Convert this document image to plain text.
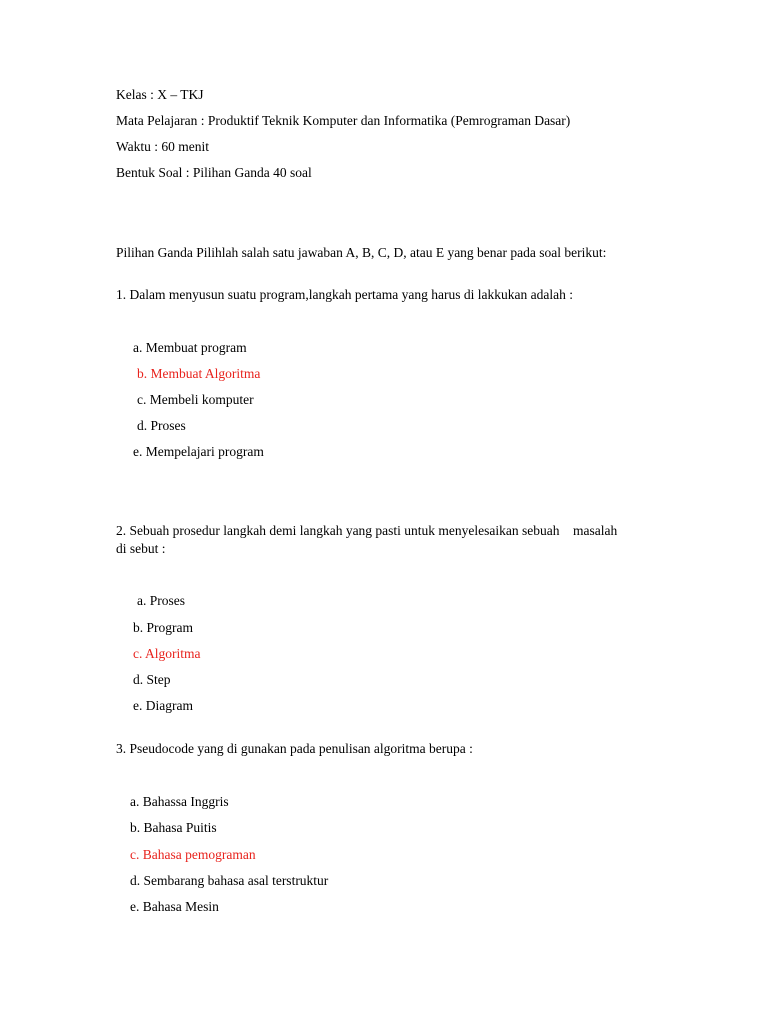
Kelas : X – TKJ
Mata Pelajaran : Produktif Teknik Komputer dan Informatika (Pemrograman Dasar)
Waktu : 60 menit
Bentuk Soal : Pilihan Ganda 40 soal
Pilihan Ganda Pilihlah salah satu jawaban A, B, C, D, atau E yang benar pada soal berikut:
1. Dalam menyusun suatu program,langkah pertama yang harus di lakkukan adalah :
a. Membuat program
b. Membuat Algoritma
c. Membeli komputer
d. Proses
e. Mempelajari program
2. Sebuah prosedur langkah demi langkah yang pasti untuk menyelesaikan sebuah    masalah
di sebut :
a. Proses
b. Program
c. Algoritma
d. Step
e. Diagram
3. Pseudocode yang di gunakan pada penulisan algoritma berupa :
a. Bahassa Inggris
b. Bahasa Puitis
c. Bahasa pemograman
d. Sembarang bahasa asal terstruktur
e. Bahasa Mesin
